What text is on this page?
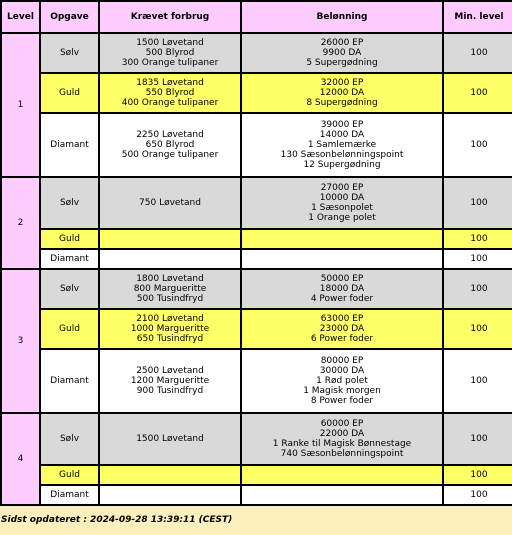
Level	Opgave	Krævet forbrug	Belønning	Min. level
1	Sølv	1500 Løvetand
500 Blyrod
300 Orange tulipaner	26000 EP
9900 DA
5 Supergødning	100
	Guld	1835 Løvetand
550 Blyrod
400 Orange tulipaner	32000 EP
12000 DA
8 Supergødning	100
	Diamant	2250 Løvetand
650 Blyrod
500 Orange tulipaner	39000 EP
14000 DA
1 Samlemærke
130 Sæsonbelønningspoint
12 Supergødning	100
2	Sølv	750 Løvetand	27000 EP
10000 DA
1 Sæsonpolet
1 Orange polet	100
	Guld			100
	Diamant			100
3	Sølv	1800 Løvetand
800 Margueritte
500 Tusindfryd	50000 EP
18000 DA
4 Power foder	100
	Guld	2100 Løvetand
1000 Margueritte
650 Tusindfryd	63000 EP
23000 DA
6 Power foder	100
	Diamant	2500 Løvetand
1200 Margueritte
900 Tusindfryd	80000 EP
30000 DA
1 Rød polet
1 Magisk morgen
8 Power foder	100
4	Sølv	1500 Løvetand	60000 EP
22000 DA
1 Ranke til Magisk Bønnestage
740 Sæsonbelønningspoint	100
	Guld			100
	Diamant			100
Sidst opdateret : 2024-09-28 13:39:11 (CEST)
